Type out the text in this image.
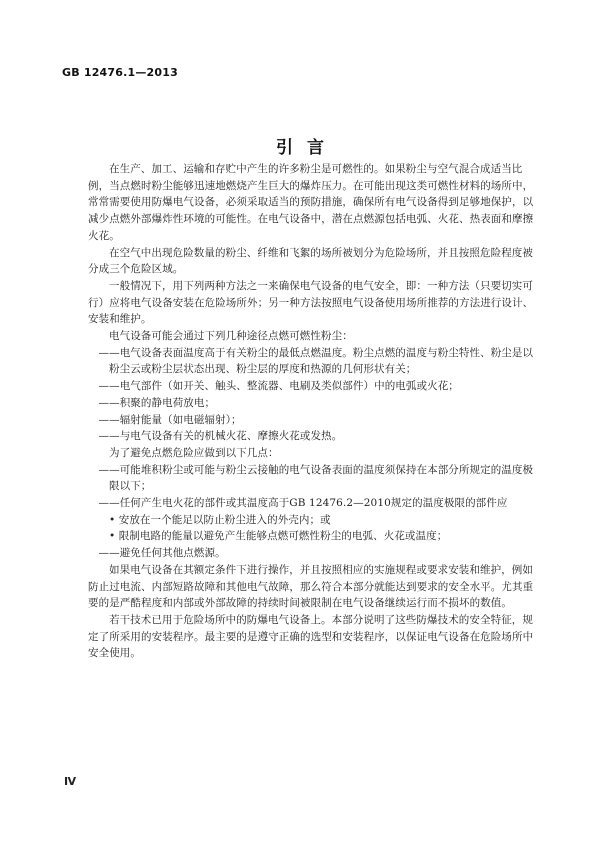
GB 12476.1—2013
引言

在生产、加工、运输和存贮中产生的许多粉尘是可燃性的。如果粉尘与空气混合成适当比例，当点燃时粉尘能够迅速地燃烧产生巨大的爆炸压力。在可能出现这类可燃性材料的场所中，常常需要使用防爆电气设备，必须采取适当的预防措施，确保所有电气设备得到足够地保护，以减少点燃外部爆炸性环境的可能性。在电气设备中，潜在点燃源包括电弧、火花、热表面和摩擦火花。

在空气中出现危险数量的粉尘、纤维和飞絮的场所被划分为危险场所，并且按照危险程度被分成三个危险区域。

一般情况下，用下列两种方法之一来确保电气设备的电气安全，即：一种方法（只要切实可行）应将电气设备安装在危险场所外；另一种方法按照电气设备使用场所推荐的方法进行设计、安装和维护。

电气设备可能会通过下列几种途径点燃可燃性粉尘：

——电气设备表面温度高于有关粉尘的最低点燃温度。粉尘点燃的温度与粉尘特性、粉尘是以粉尘云或粉尘层状态出现、粉尘层的厚度和热源的几何形状有关；

——电气部件（如开关、触头、整流器、电刷及类似部件）中的电弧或火花；

——积聚的静电荷放电；

——辐射能量（如电磁辐射）；

——与电气设备有关的机械火花、摩擦火花或发热。

为了避免点燃危险应做到以下几点：

——可能堆积粉尘或可能与粉尘云接触的电气设备表面的温度须保持在本部分所规定的温度极限以下；

——任何产生电火花的部件或其温度高于GB 12476.2—2010规定的温度极限的部件应

• 安放在一个能足以防止粉尘进入的外壳内；或

• 限制电路的能量以避免产生能够点燃可燃性粉尘的电弧、火花或温度；

——避免任何其他点燃源。

如果电气设备在其额定条件下进行操作，并且按照相应的实施规程或要求安装和维护，例如防止过电流、内部短路故障和其他电气故障，那么符合本部分就能达到要求的安全水平。尤其重要的是严酷程度和内部或外部故障的持续时间被限制在电气设备继续运行而不损坏的数值。

若干技术已用于危险场所中的防爆电气设备上。本部分说明了这些防爆技术的安全特征，规定了所采用的安装程序。最主要的是遵守正确的选型和安装程序，以保证电气设备在危险场所中安全使用。

Ⅳ
